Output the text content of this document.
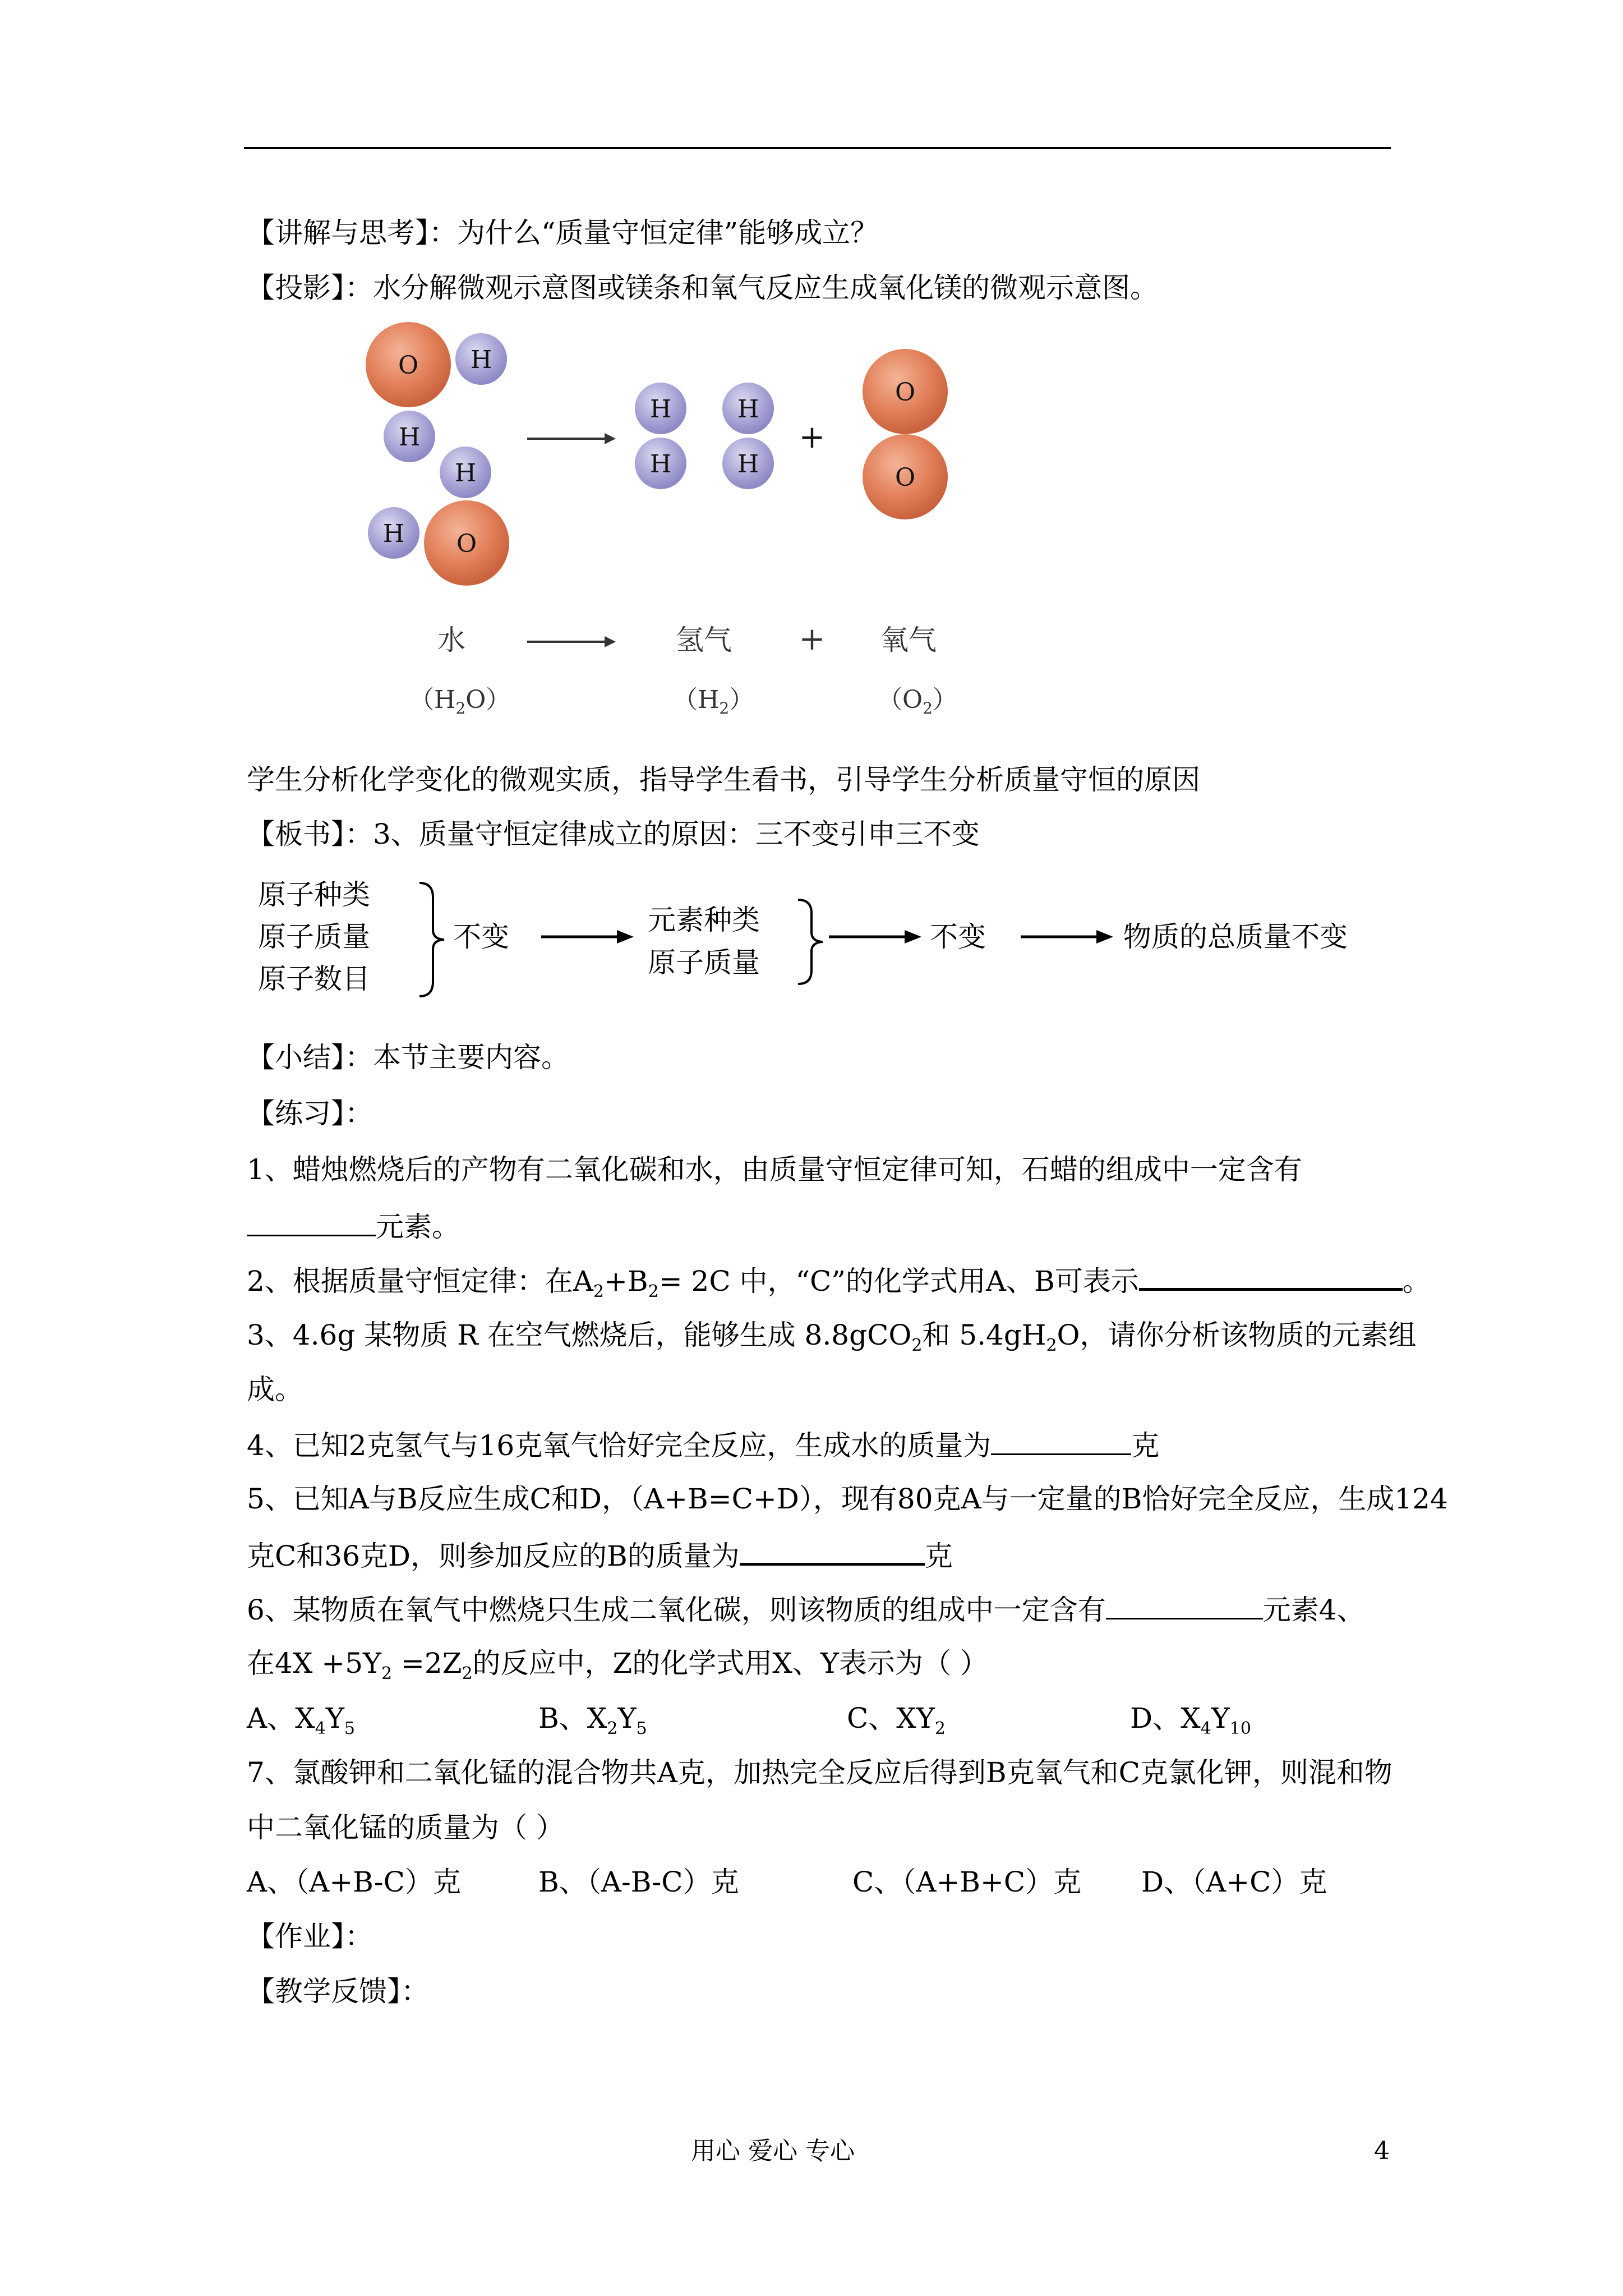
【讲解与思考】：为什么“质量守恒定律”能够成立？
【投影】：水分解微观示意图或镁条和氧气反应生成氧化镁的微观示意图。
O H
H
H
O
H
H
H
H
H
+
O
O
水	氢气 + 氧气
$(H_2O)$	$(H_2)$	$(O_2)$
学生分析化学变化的微观实质，指导学生看书，引导学生分析质量守恒的原因
【板书】：3、质量守恒定律成立的原因：三不变引申三不变
原子种类
原子质量
原子数目
不变
元素种类
原子质量
不变	物质的总质量不变
【小结】：本节主要内容。
【练习】：
1、蜡烛燃烧后的产物有二氧化碳和水，由质量守恒定律可知，石蜡的组成中一定含有
元素。
2、根据质量守恒定律：在$A_2+B_2= 2C$ 中，“C”的化学式用A、B可表示	。
3、4.6g 某物质 R 在空气燃烧后，能够生成 8.8gCO$_2$和 $5.4gH_2O$，请你分析该物质的元素组
成。
4、已知2克氢气与16克氧气恰好完全反应，生成水的质量为	克
5、已知A与B反应生成C和D，（A+B=C+D），现有80克A与一定量的B恰好完全反应，生成124
克C和36克D，则参加反应的B的质量为	克
6、某物质在氧气中燃烧只生成二氧化碳，则该物质的组成中一定含有	元素4、
在$4X +5Y_2 =2Z_2$的反应中，Z的化学式用X、Y表示为（ ）
A、$X_4Y_5$	B、$X_2Y_5$	C、$XY_2$	D、$X_4Y_{10}$
7、氯酸钾和二氧化锰的混合物共A克，加热完全反应后得到B克氧气和C克氯化钾，则混和物
中二氧化锰的质量为（ ）
A、（A+B-C）克	B、（A-B-C）克	C、（A+B+C）克 D、（A+C）克
【作业】：
【教学反馈】：
用心 爱心 专心	4
